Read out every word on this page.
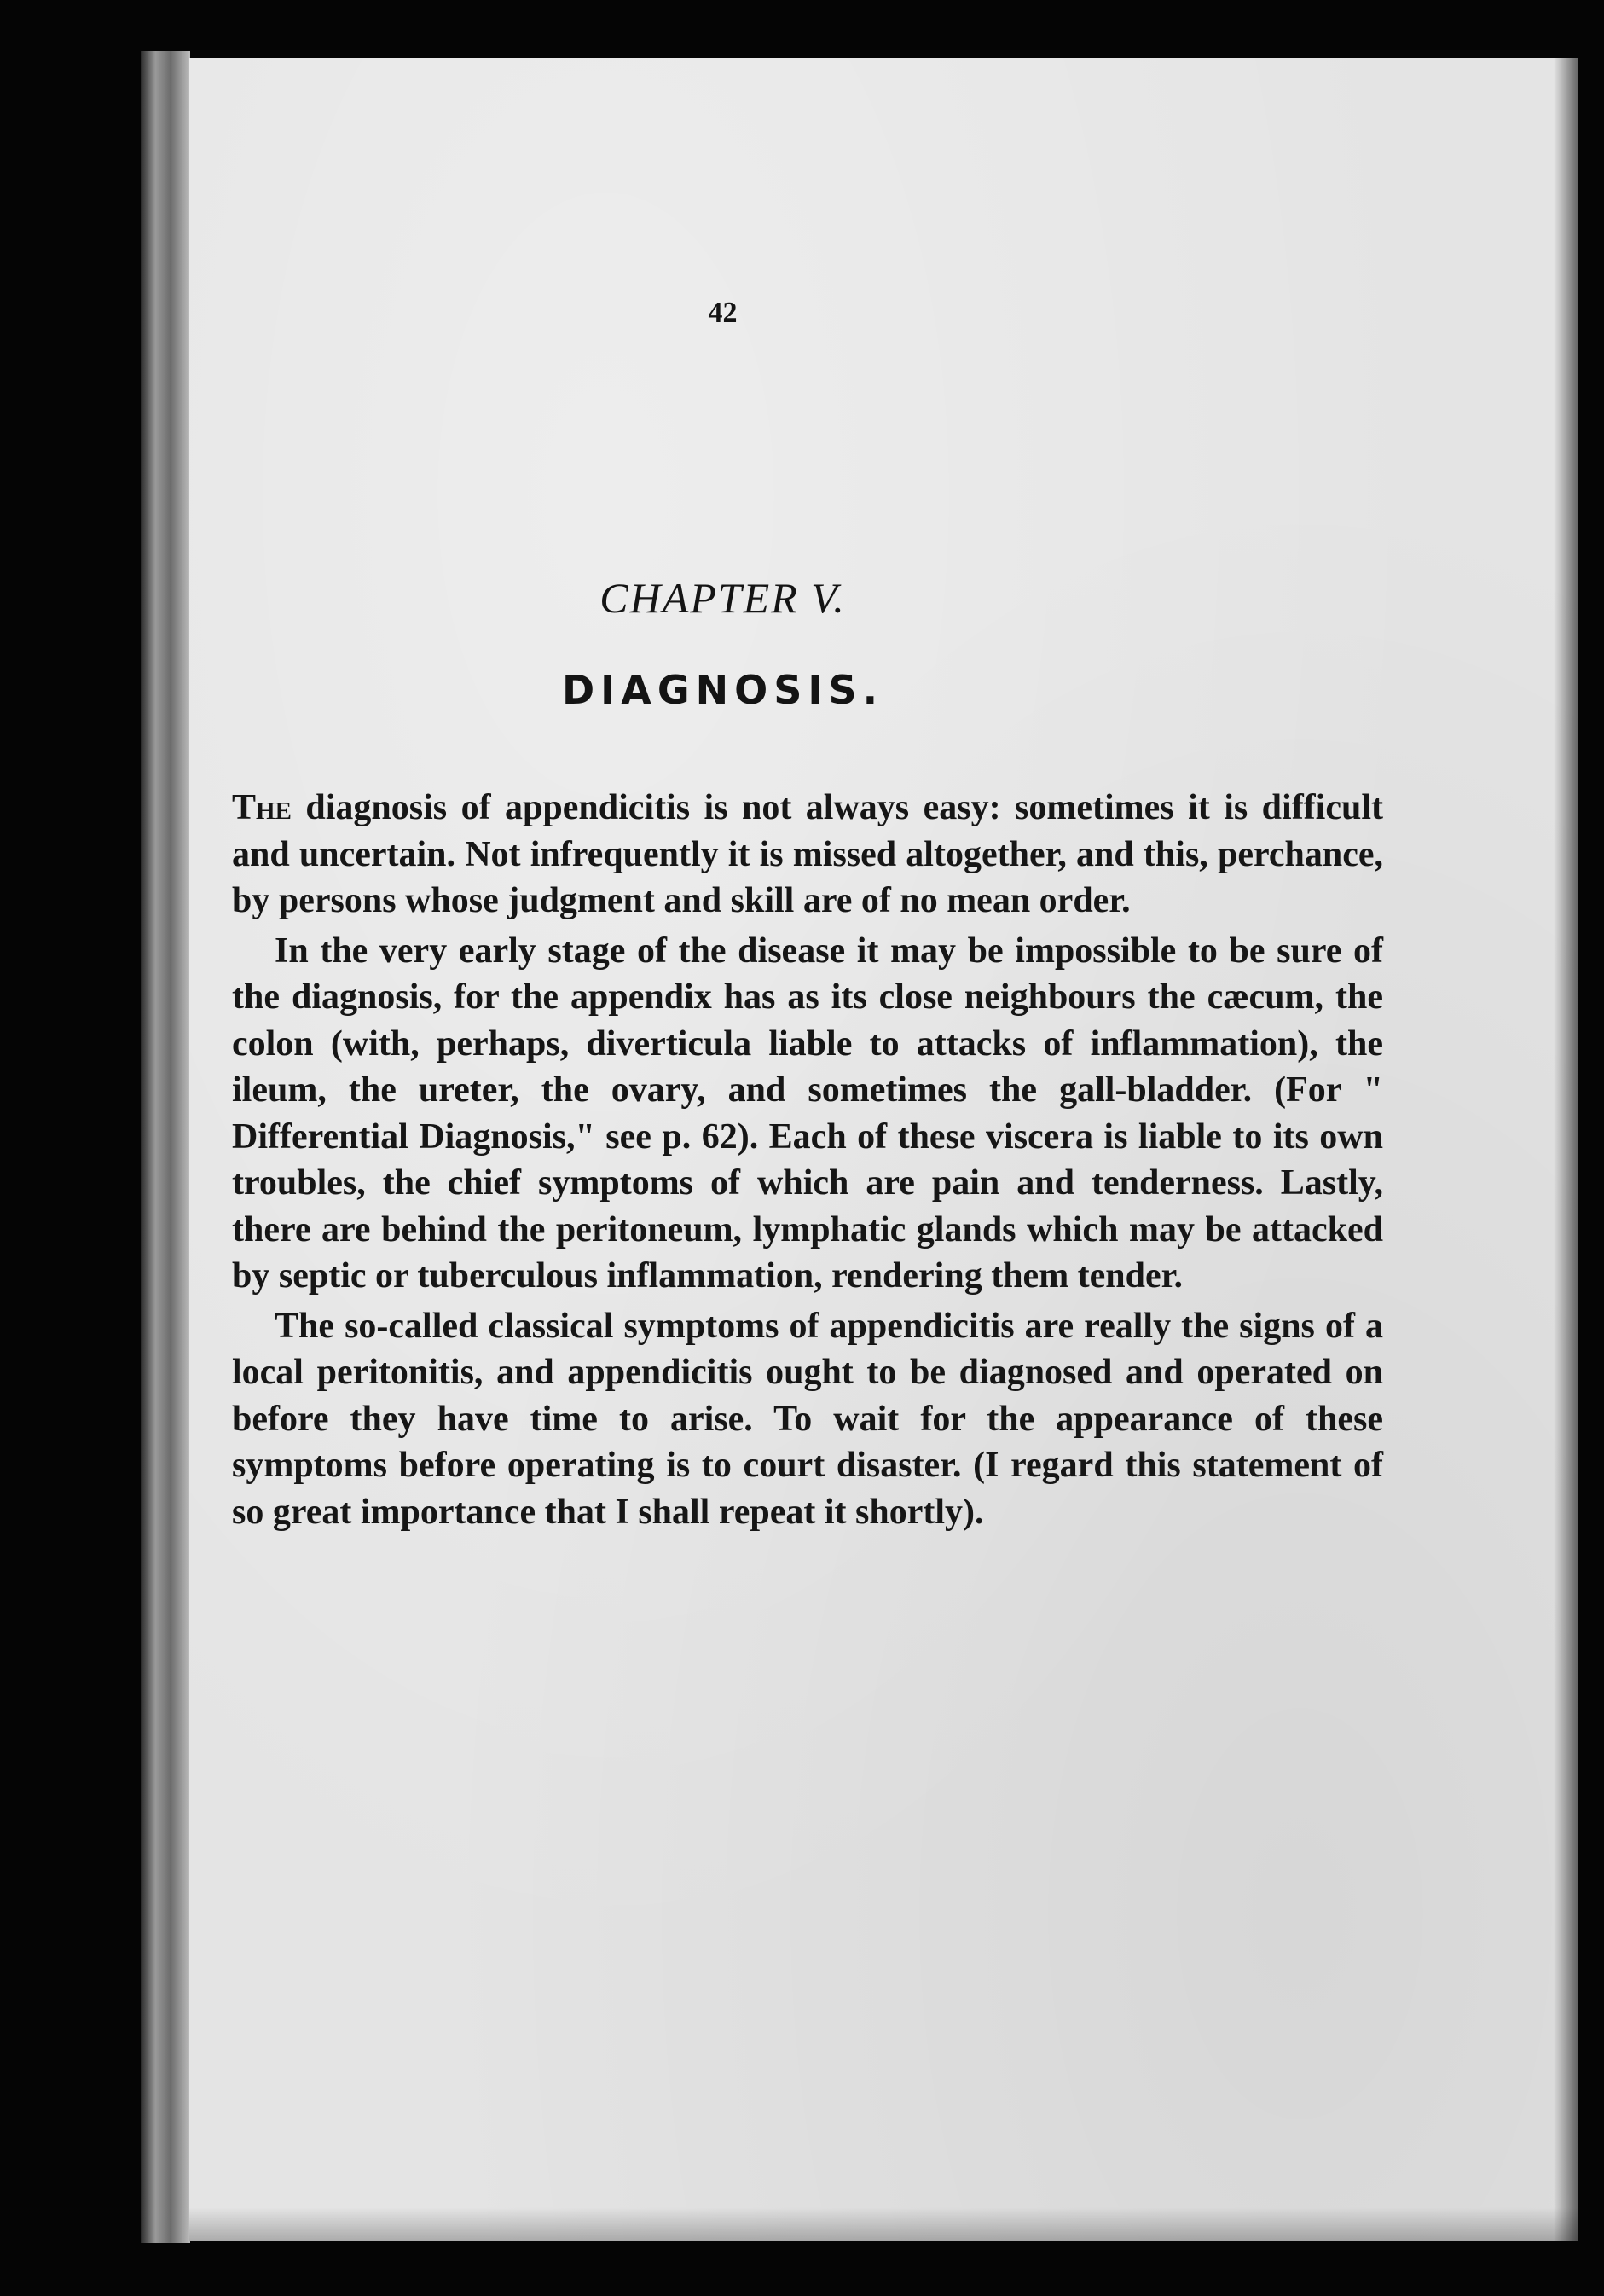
42
CHAPTER V.
DIAGNOSIS.

The diagnosis of appendicitis is not always easy: sometimes it is difficult and uncertain. Not infrequently it is missed altogether, and this, perchance, by persons whose judgment and skill are of no mean order.

In the very early stage of the disease it may be impossible to be sure of the diagnosis, for the appendix has as its close neighbours the cæcum, the colon (with, perhaps, diverticula liable to attacks of inflammation), the ileum, the ureter, the ovary, and sometimes the gall-bladder. (For " Differential Diagnosis," see p. 62). Each of these viscera is liable to its own troubles, the chief symptoms of which are pain and tenderness. Lastly, there are behind the peritoneum, lymphatic glands which may be attacked by septic or tuberculous inflammation, rendering them tender.

The so-called classical symptoms of appendicitis are really the signs of a local peritonitis, and appendicitis ought to be diagnosed and operated on before they have time to arise. To wait for the appearance of these symptoms before operating is to court disaster. (I regard this statement of so great importance that I shall repeat it shortly).
